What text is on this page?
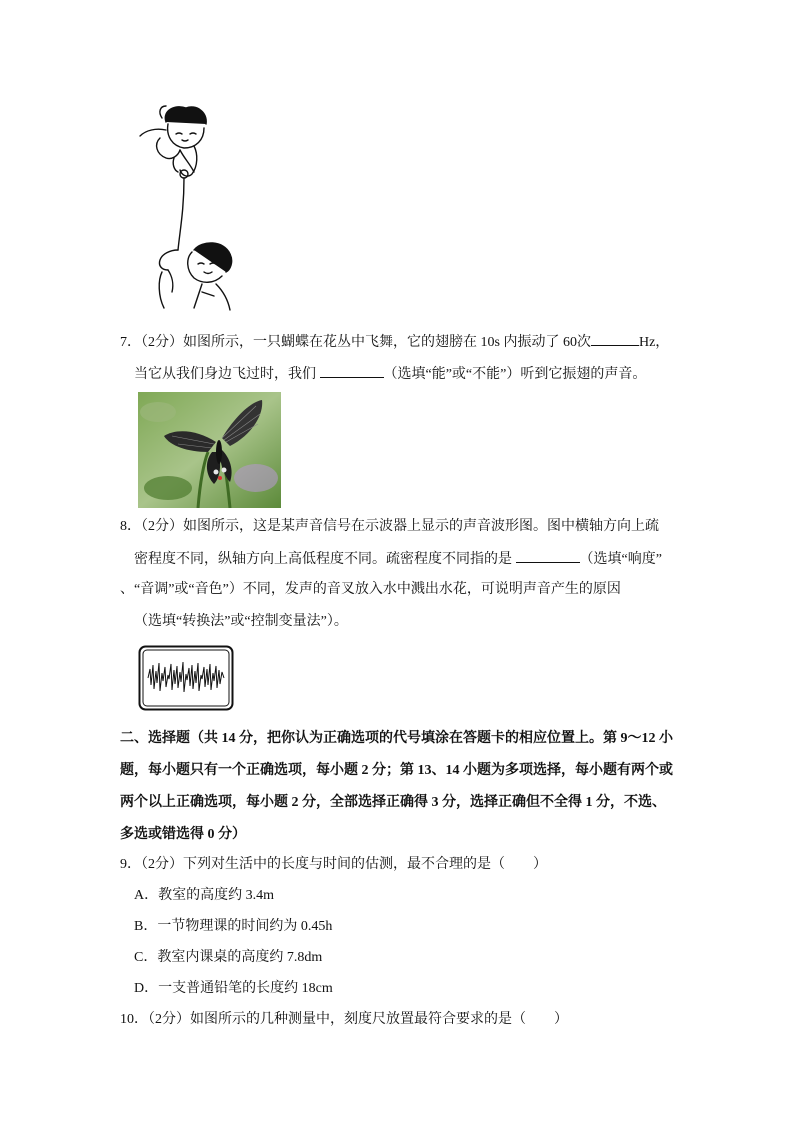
7．（2分）如图所示，一只蝴蝶在花丛中飞舞，它的翅膀在 10s 内振动了 60次	Hz，
当它从我们身边飞过时，我们	（选填“能”或“不能”）听到它振翅的声音。
8．（2分）如图所示，这是某声音信号在示波器上显示的声音波形图。图中横轴方向上疏
密程度不同，纵轴方向上高低程度不同。疏密程度不同指的是	（选填“响度”
、“音调”或“音色”）不同，发声的音叉放入水中溅出水花，可说明声音产生的原因
（选填“转换法”或“控制变量法”）。
二、选择题（共 14 分，把你认为正确选项的代号填涂在答题卡的相应位置上。第 9～12 小
题，每小题只有一个正确选项，每小题 2 分；第 13、14 小题为多项选择，每小题有两个或
两个以上正确选项，每小题 2 分，全部选择正确得 3 分，选择正确但不全得 1 分，不选、
多选或错选得 0 分）
9．（2分）下列对生活中的长度与时间的估测，最不合理的是（　　）
A．教室的高度约 3.4m
B．一节物理课的时间约为 0.45h
C．教室内课桌的高度约 7.8dm
D．一支普通铅笔的长度约 18cm
10．（2分）如图所示的几种测量中，刻度尺放置最符合要求的是（　　）
